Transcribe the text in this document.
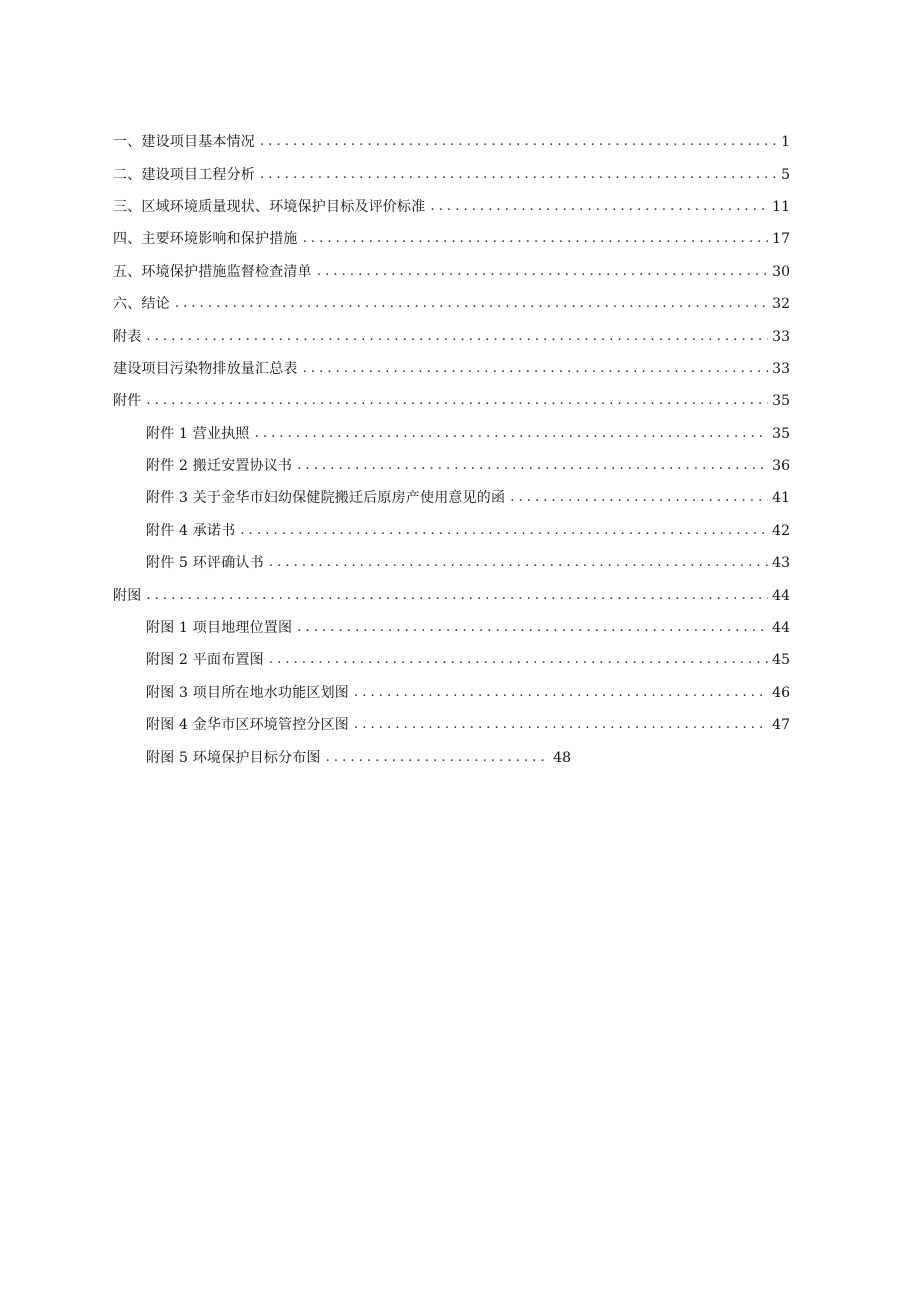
一、建设项目基本情况 . . .	1
二、建设项目工程分析 . . .	5
三、区域环境质量现状、环境保护目标及评价标准 . . .	11
四、主要环境影响和保护措施 . . .	17
五、环境保护措施监督检查清单 . . .	30
六、结论 . . .	32
附表 . . .	33
建设项目污染物排放量汇总表 . . .	33
附件 . . .	35
附件 1 营业执照 . . .	35
附件 2 搬迁安置协议书 . . .	36
附件 3 关于金华市妇幼保健院搬迁后原房产使用意见的函 . . .	41
附件 4 承诺书 . . .	42
附件 5 环评确认书 . . .	43
附图 . . .	44
附图 1 项目地理位置图 . . .	44
附图 2 平面布置图 . . .	45
附图 3 项目所在地水功能区划图 . . .	46
附图 4 金华市区环境管控分区图 . . .	47
附图 5 环境保护目标分布图 . . .	48
